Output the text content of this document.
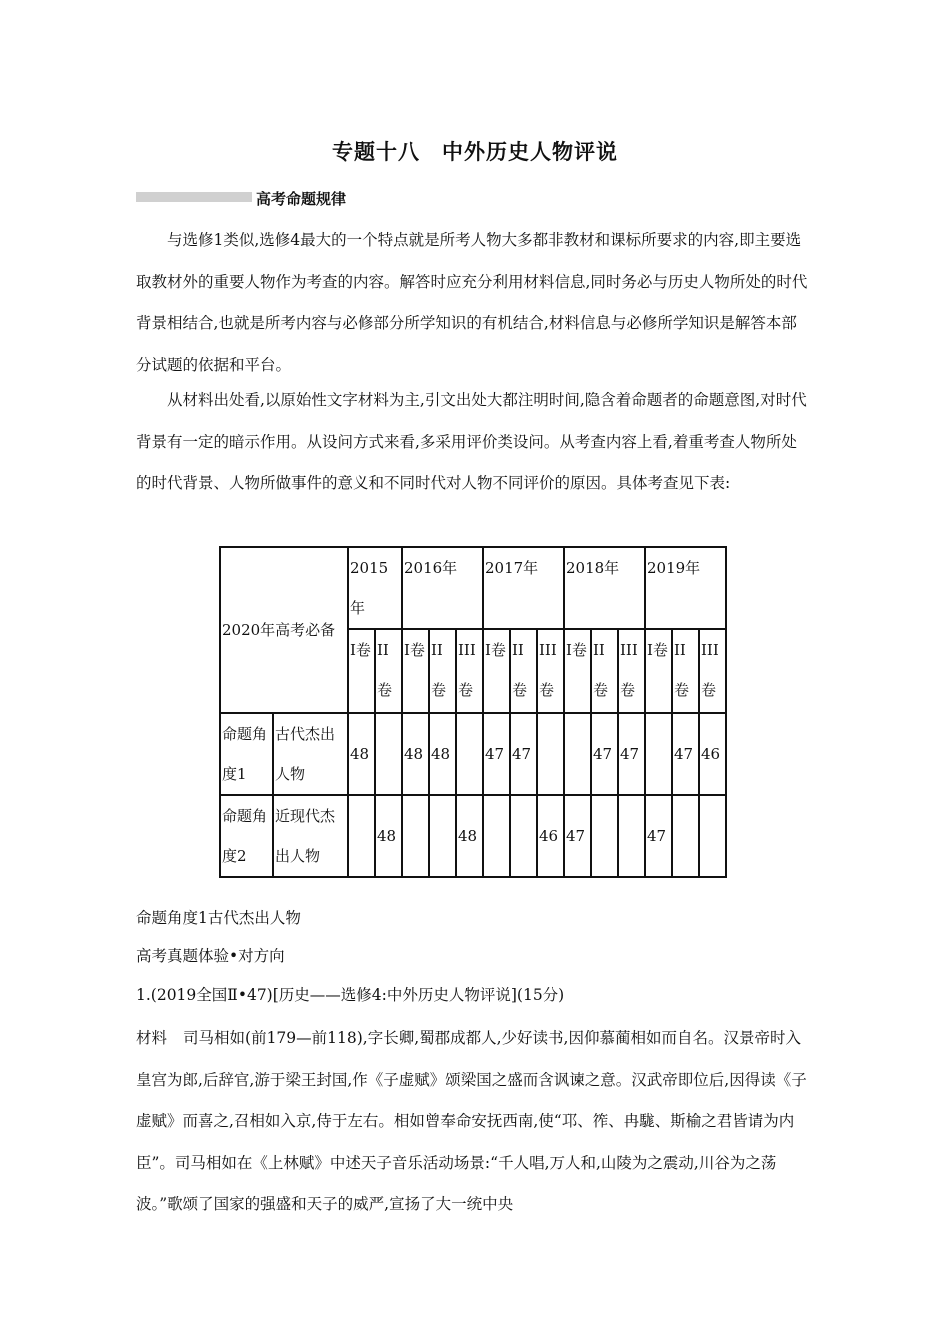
专题十八　中外历史人物评说
高考命题规律

与选修1类似,选修4最大的一个特点就是所考人物大多都非教材和课标所要求的内容,即主要选取教材外的重要人物作为考查的内容。解答时应充分利用材料信息,同时务必与历史人物所处的时代背景相结合,也就是所考内容与必修部分所学知识的有机结合,材料信息与必修所学知识是解答本部分试题的依据和平台。

从材料出处看,以原始性文字材料为主,引文出处大都注明时间,隐含着命题者的命题意图,对时代背景有一定的暗示作用。从设问方式来看,多采用评价类设问。从考查内容上看,着重考查人物所处的时代背景、人物所做事件的意义和不同时代对人物不同评价的原因。具体考查见下表:

2020年高考必备		2015年		2016年			2017年			2018年			2019年		
		I卷	II卷	I卷	II卷	III卷	I卷	II卷	III卷	I卷	II卷	III卷	I卷	II卷	III卷
命题角度1	古代杰出人物	48		48	48		47	47			47	47		47	46
命题角度2	近现代杰出人物		48			48			46	47			47		

命题角度1古代杰出人物

高考真题体验•对方向

1.(2019全国Ⅱ•47)[历史——选修4:中外历史人物评说](15分)

材料 司马相如(前179—前118),字长卿,蜀郡成都人,少好读书,因仰慕蔺相如而自名。汉景帝时入皇宫为郎,后辞官,游于梁王封国,作《子虚赋》颂梁国之盛而含讽谏之意。汉武帝即位后,因得读《子虚赋》而喜之,召相如入京,侍于左右。相如曾奉命安抚西南,使“邛、筰、冉駹、斯榆之君皆请为内臣”。司马相如在《上林赋》中述天子音乐活动场景:“千人唱,万人和,山陵为之震动,川谷为之荡波。”歌颂了国家的强盛和天子的威严,宣扬了大一统中央
